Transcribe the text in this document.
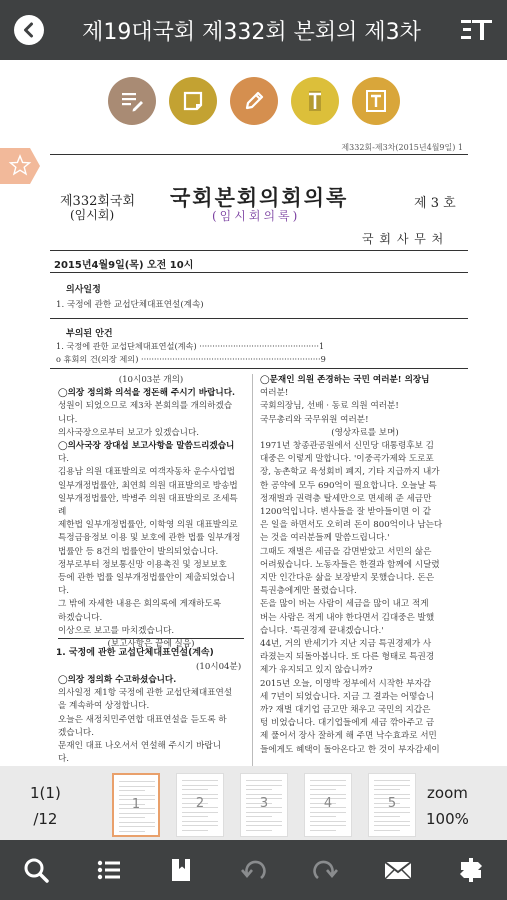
제19대국회 제332회 본회의 제3차
제332회-제3차(2015년4월9일) 1
제332회국회
(임시회)
국회본회의회의록
(임시회의록)
제 3 호
국 회 사 무 처
2015년4월9일(목) 오전 10시
의사일정
1. 국정에 관한 교섭단체대표연설(계속)
부의된 안건
1. 국정에 관한 교섭단체대표연설(계속) ··············································1
o 휴회의 건(의장 제의) ·····································································9

(10시03분 개의)

◯의장 정의화 의석을 정돈해 주시기 바랍니다.

성원이 되었으므로 제3차 본회의를 개의하겠습

니다.

의사국장으로부터 보고가 있겠습니다.

◯의사국장 장대섭 보고사항을 말씀드리겠습니

다.

김용남 의원 대표발의로 여객자동차 운수사업법

일부개정법률안, 최연희 의원 대표발의로 방송법

일부개정법률안, 박병주 의원 대표발의로 조세특례

제한법 일부개정법률안, 이학영 의원 대표발의로

특정금융정보 이용 및 보호에 관한 법률 일부개정

법률안 등 8건의 법률안이 발의되었습니다.

정부로부터 정보통신망 이용촉진 및 정보보호

등에 관한 법률 일부개정법률안이 제출되었습니다.

그 밖에 자세한 내용은 회의록에 게재하도록

하겠습니다.

이상으로 보고를 마치겠습니다.

(보고사항은 끝에 실음)

1. 국정에 관한 교섭단체대표연설(계속)
(10시04분)

◯의장 정의화 수고하셨습니다.

의사일정 제1항 국정에 관한 교섭단체대표연설

을 계속하여 상정합니다.

오늘은 새정치민주연합 대표연설을 듣도록 하

겠습니다.

문재인 대표 나오셔서 연설해 주시기 바랍니

다.

◯문재인 의원 존경하는 국민 여러분! 의장님

여러분!

국회의장님, 선배 · 동료 의원 여러분!

국무총리와 국무위원 여러분!

(영상자료를 보며)

1971년 창종관공원에서 신민당 대통령후보 김

대중은 이렇게 말합니다. '이중곡가제와 도로포

장, 농촌학교 육성회비 폐지, 기타 지급까지 내가

한 공약에 모두 690억이 필요합니다. 오늘날 특

정재벌과 권력층 탈세만으로 면세해 준 세금만

1200억입니다. 변사들을 잘 받아들이면 이 같

은 일을 하면서도 오히려 돈이 800억이나 남는다

는 것을 여러분들께 말씀드립니다.'

그때도 재벌은 세금을 감면받았고 서민의 삶은

어려웠습니다. 노동자들은 한결과 함께에 시달렸

지만 인간다운 삶을 보장받지 못했습니다. 돈은

특권층에게만 몰렸습니다.

돈을 많이 버는 사람이 세금을 많이 내고 적게

버는 사람은 적게 내야 한다면서 김대중은 발했

습니다. '특권경제 끝내겠습니다.'

44년, 거의 반세기가 지난 지금 특권경제가 사

라졌는지 되돌아봅니다. 또 다른 형태로 특권경

제가 유지되고 있지 않습니까?

2015년 오늘, 이명박 정부에서 시작한 부자감

세 7년이 되었습니다. 지금 그 결과는 어떻습니

까? 재벌 대기업 금고만 채우고 국민의 지갑은

텅 비었습니다. 대기업들에게 세금 깎아주고 금

제 풀어서 장사 잘하게 해 주면 낙수효과로 서민

들에게도 혜택이 돌아온다고 한 것이 부자감세이

1(1)
/12
1	2	3	4	5
zoom
100%
